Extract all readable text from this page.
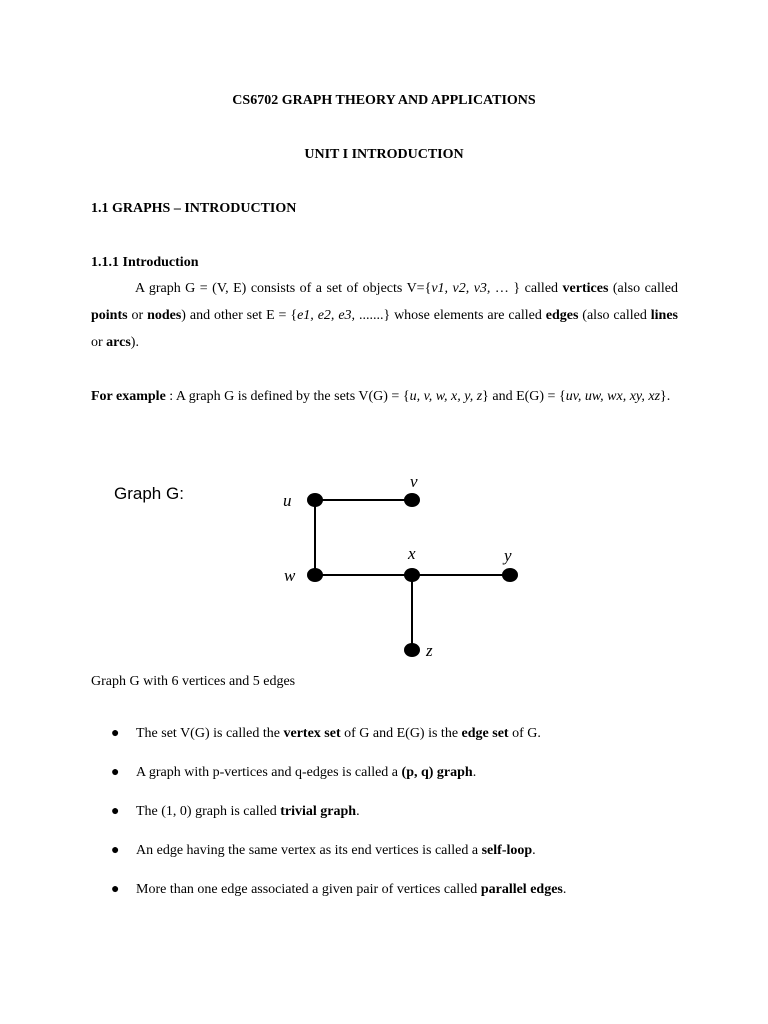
CS6702 GRAPH THEORY AND APPLICATIONS
UNIT I INTRODUCTION
1.1 GRAPHS – INTRODUCTION
1.1.1 Introduction
A graph G = (V, E) consists of a set of objects V={v1, v2, v3, … } called vertices (also called points or nodes) and other set E = {e1, e2, e3, .......} whose elements are called edges (also called lines or arcs).
For example : A graph G is defined by the sets V(G) = {u, v, w, x, y, z} and E(G) = {uv, uw, wx, xy, xz}.
Graph G:	u
v
w
x	y
z
Graph G with 6 vertices and 5 edges
● The set V(G) is called the vertex set of G and E(G) is the edge set of G.
● A graph with p-vertices and q-edges is called a (p, q) graph.
● The (1, 0) graph is called trivial graph.
● An edge having the same vertex as its end vertices is called a self-loop.
● More than one edge associated a given pair of vertices called parallel edges.
